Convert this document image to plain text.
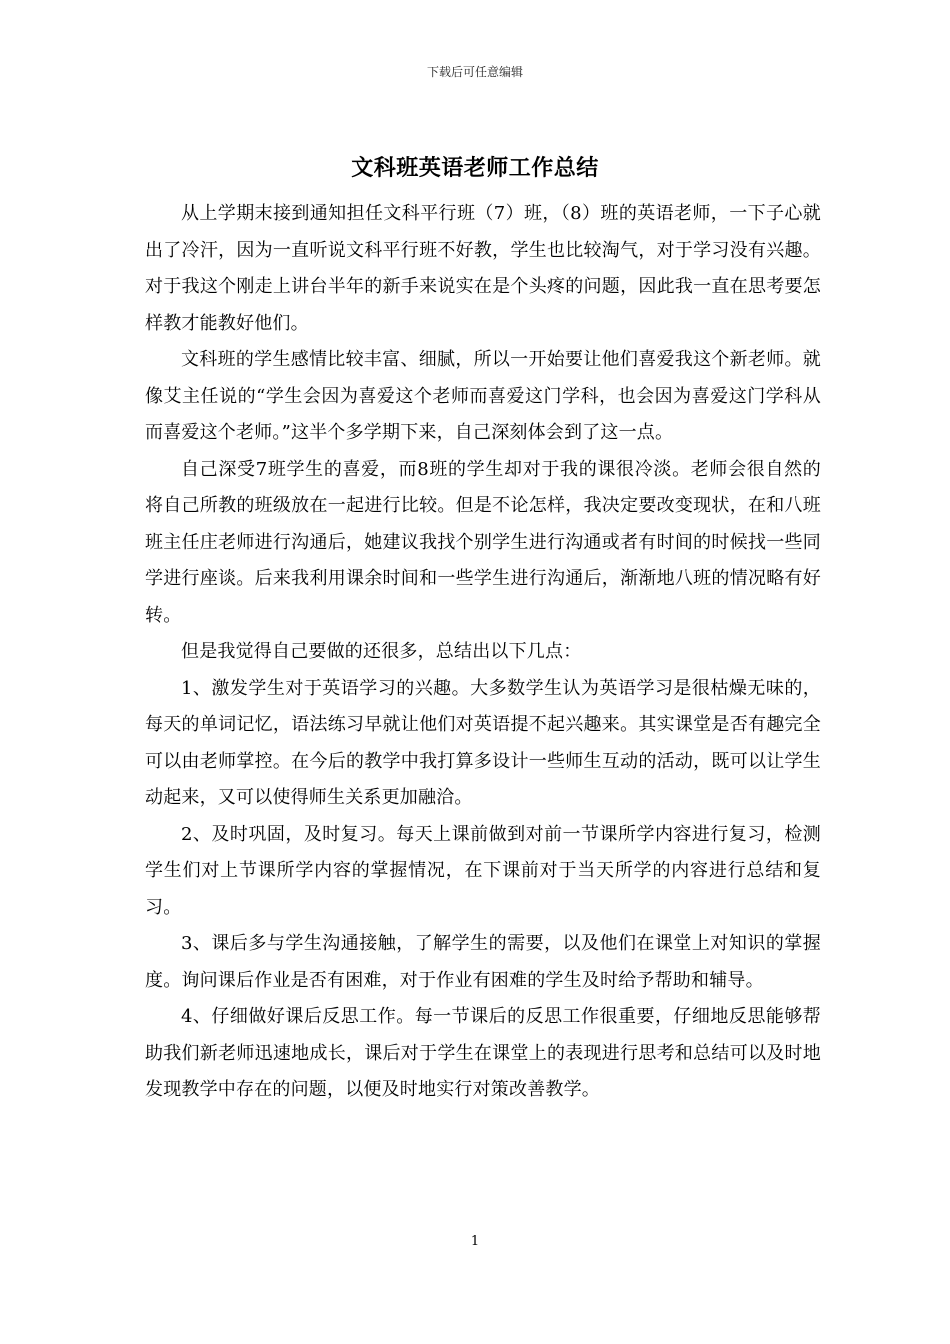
下载后可任意编辑
文科班英语老师工作总结

从上学期末接到通知担任文科平行班（7）班，（8）班的英语老师，一下子心就出了冷汗，因为一直听说文科平行班不好教，学生也比较淘气，对于学习没有兴趣。对于我这个刚走上讲台半年的新手来说实在是个头疼的问题，因此我一直在思考要怎样教才能教好他们。

文科班的学生感情比较丰富、细腻，所以一开始要让他们喜爱我这个新老师。就像艾主任说的“学生会因为喜爱这个老师而喜爱这门学科，也会因为喜爱这门学科从而喜爱这个老师。”这半个多学期下来，自己深刻体会到了这一点。

自己深受7班学生的喜爱，而8班的学生却对于我的课很冷淡。老师会很自然的将自己所教的班级放在一起进行比较。但是不论怎样，我决定要改变现状，在和八班班主任庄老师进行沟通后，她建议我找个别学生进行沟通或者有时间的时候找一些同学进行座谈。后来我利用课余时间和一些学生进行沟通后，渐渐地八班的情况略有好转。

但是我觉得自己要做的还很多，总结出以下几点：

1、激发学生对于英语学习的兴趣。大多数学生认为英语学习是很枯燥无味的，每天的单词记忆，语法练习早就让他们对英语提不起兴趣来。其实课堂是否有趣完全可以由老师掌控。在今后的教学中我打算多设计一些师生互动的活动，既可以让学生动起来，又可以使得师生关系更加融洽。

2、及时巩固，及时复习。每天上课前做到对前一节课所学内容进行复习，检测学生们对上节课所学内容的掌握情况，在下课前对于当天所学的内容进行总结和复习。

3、课后多与学生沟通接触，了解学生的需要，以及他们在课堂上对知识的掌握度。询问课后作业是否有困难，对于作业有困难的学生及时给予帮助和辅导。

4、仔细做好课后反思工作。每一节课后的反思工作很重要，仔细地反思能够帮助我们新老师迅速地成长，课后对于学生在课堂上的表现进行思考和总结可以及时地发现教学中存在的问题，以便及时地实行对策改善教学。

1
